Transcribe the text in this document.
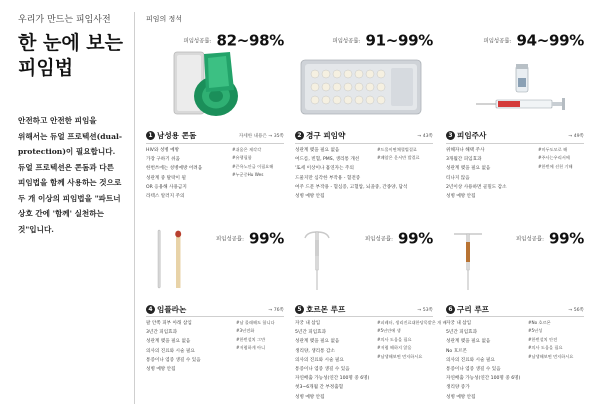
우리가 만드는 피임사전
한 눈에 보는
피임법
안전하고 안전한 피임을
위해서는 듀얼 프로텍션(dual-
protection)이 필요합니다.
듀얼 프로텍션은 콘돔과 다른
피임법을 함께 사용하는 것으로
두 개 이상의 피임법을 "파트너
상호 간에 '함께' 실천하는
것"입니다.
피임의 정석
피임성공률: 82~98%
1 남성용 콘돔	자세한 내용은 → 35쪽
HIV와 성병 예방
가장 구하기 쉬움
한번쓰에는 성병예방 어려움
성관계 중 탈락이 될
OR 응용해 사용금지
라텍스 알러지 주의
#쉬움은 제각각
#유행필함
#끈욕노안급 이필요해
#누군중Hu Wes
피임성공률: 91~99%
2 경구 피임약	→ 43쪽
성관계 맺을 필요 없음
여드름, 빈혈, PMS, 생리통 개선
'또세 이상이나 흡연자는 주의
드물지만 심각한 부작용 - 혈전증
여주 드문 부작용 - 혈심증, 고혈압, 뇌졸중, 간종양, 담석
성병 예방 안됨
#드물이면채혈법결료
#폐암은 운서만 발결료
피임성공률: 94~99%
3 피임주사	→ 49쪽
위해자나 해택 주사
3개월간 피임효과
성관계 맺을 필요 없음
티나지 않음
2년이상 사용하면 골밀도 감소
성병 예방 안됨
#미두도모로 해
#주사는우리서에
#한번에 선천 기해
피임성공률: 99%
4 임플라논	→ 76쪽
팔 안쪽 피부 아래 삽입
3년간 피임효과
성관계 맺을 필요 없음
의사의 진료와 시술 필요
통증이나 염증 생길 수 있음
성병 예방 안됨
#남 몰래해도 합니다
#3년전화
#한번설치 그만
#저렴하게 아니
피임성공률: 99%
5 호르몬 루프	→ 53쪽
자궁 내 삽입
5년간 피임효과
성관계 맺을 필요 없음
생리양, 생리통 감소
의사의 진료와 시술 필요
통증이나 염증 생길 수 있음
자연배출 가능성(연간 100명 중 6명)
첫3~6개월 간 부정출혈
성병 예방 안됨
#피레터, 생리진료대한당목밭은 개 배
#5년안에 생
#의사 도움을 필요
#저렴 해하지 않음
#남생해보면 먼저하시요
피임성공률: 99%
6 구리 루프	→ 56쪽
자궁 내 삽입
5년간 피임효과
성관계 맺을 필요 없음
No 호르몬
의사의 진료와 시술 필요
통증이나 염증 생길 수 있음
자연배출 가능성(연간 100명 중 6명)
생리양 증가
성병 예방 안됨
#No 호르몬
#5년성
#한번설치 안전
#의사 도움을 필요
#남생해보면 먼저하시요
